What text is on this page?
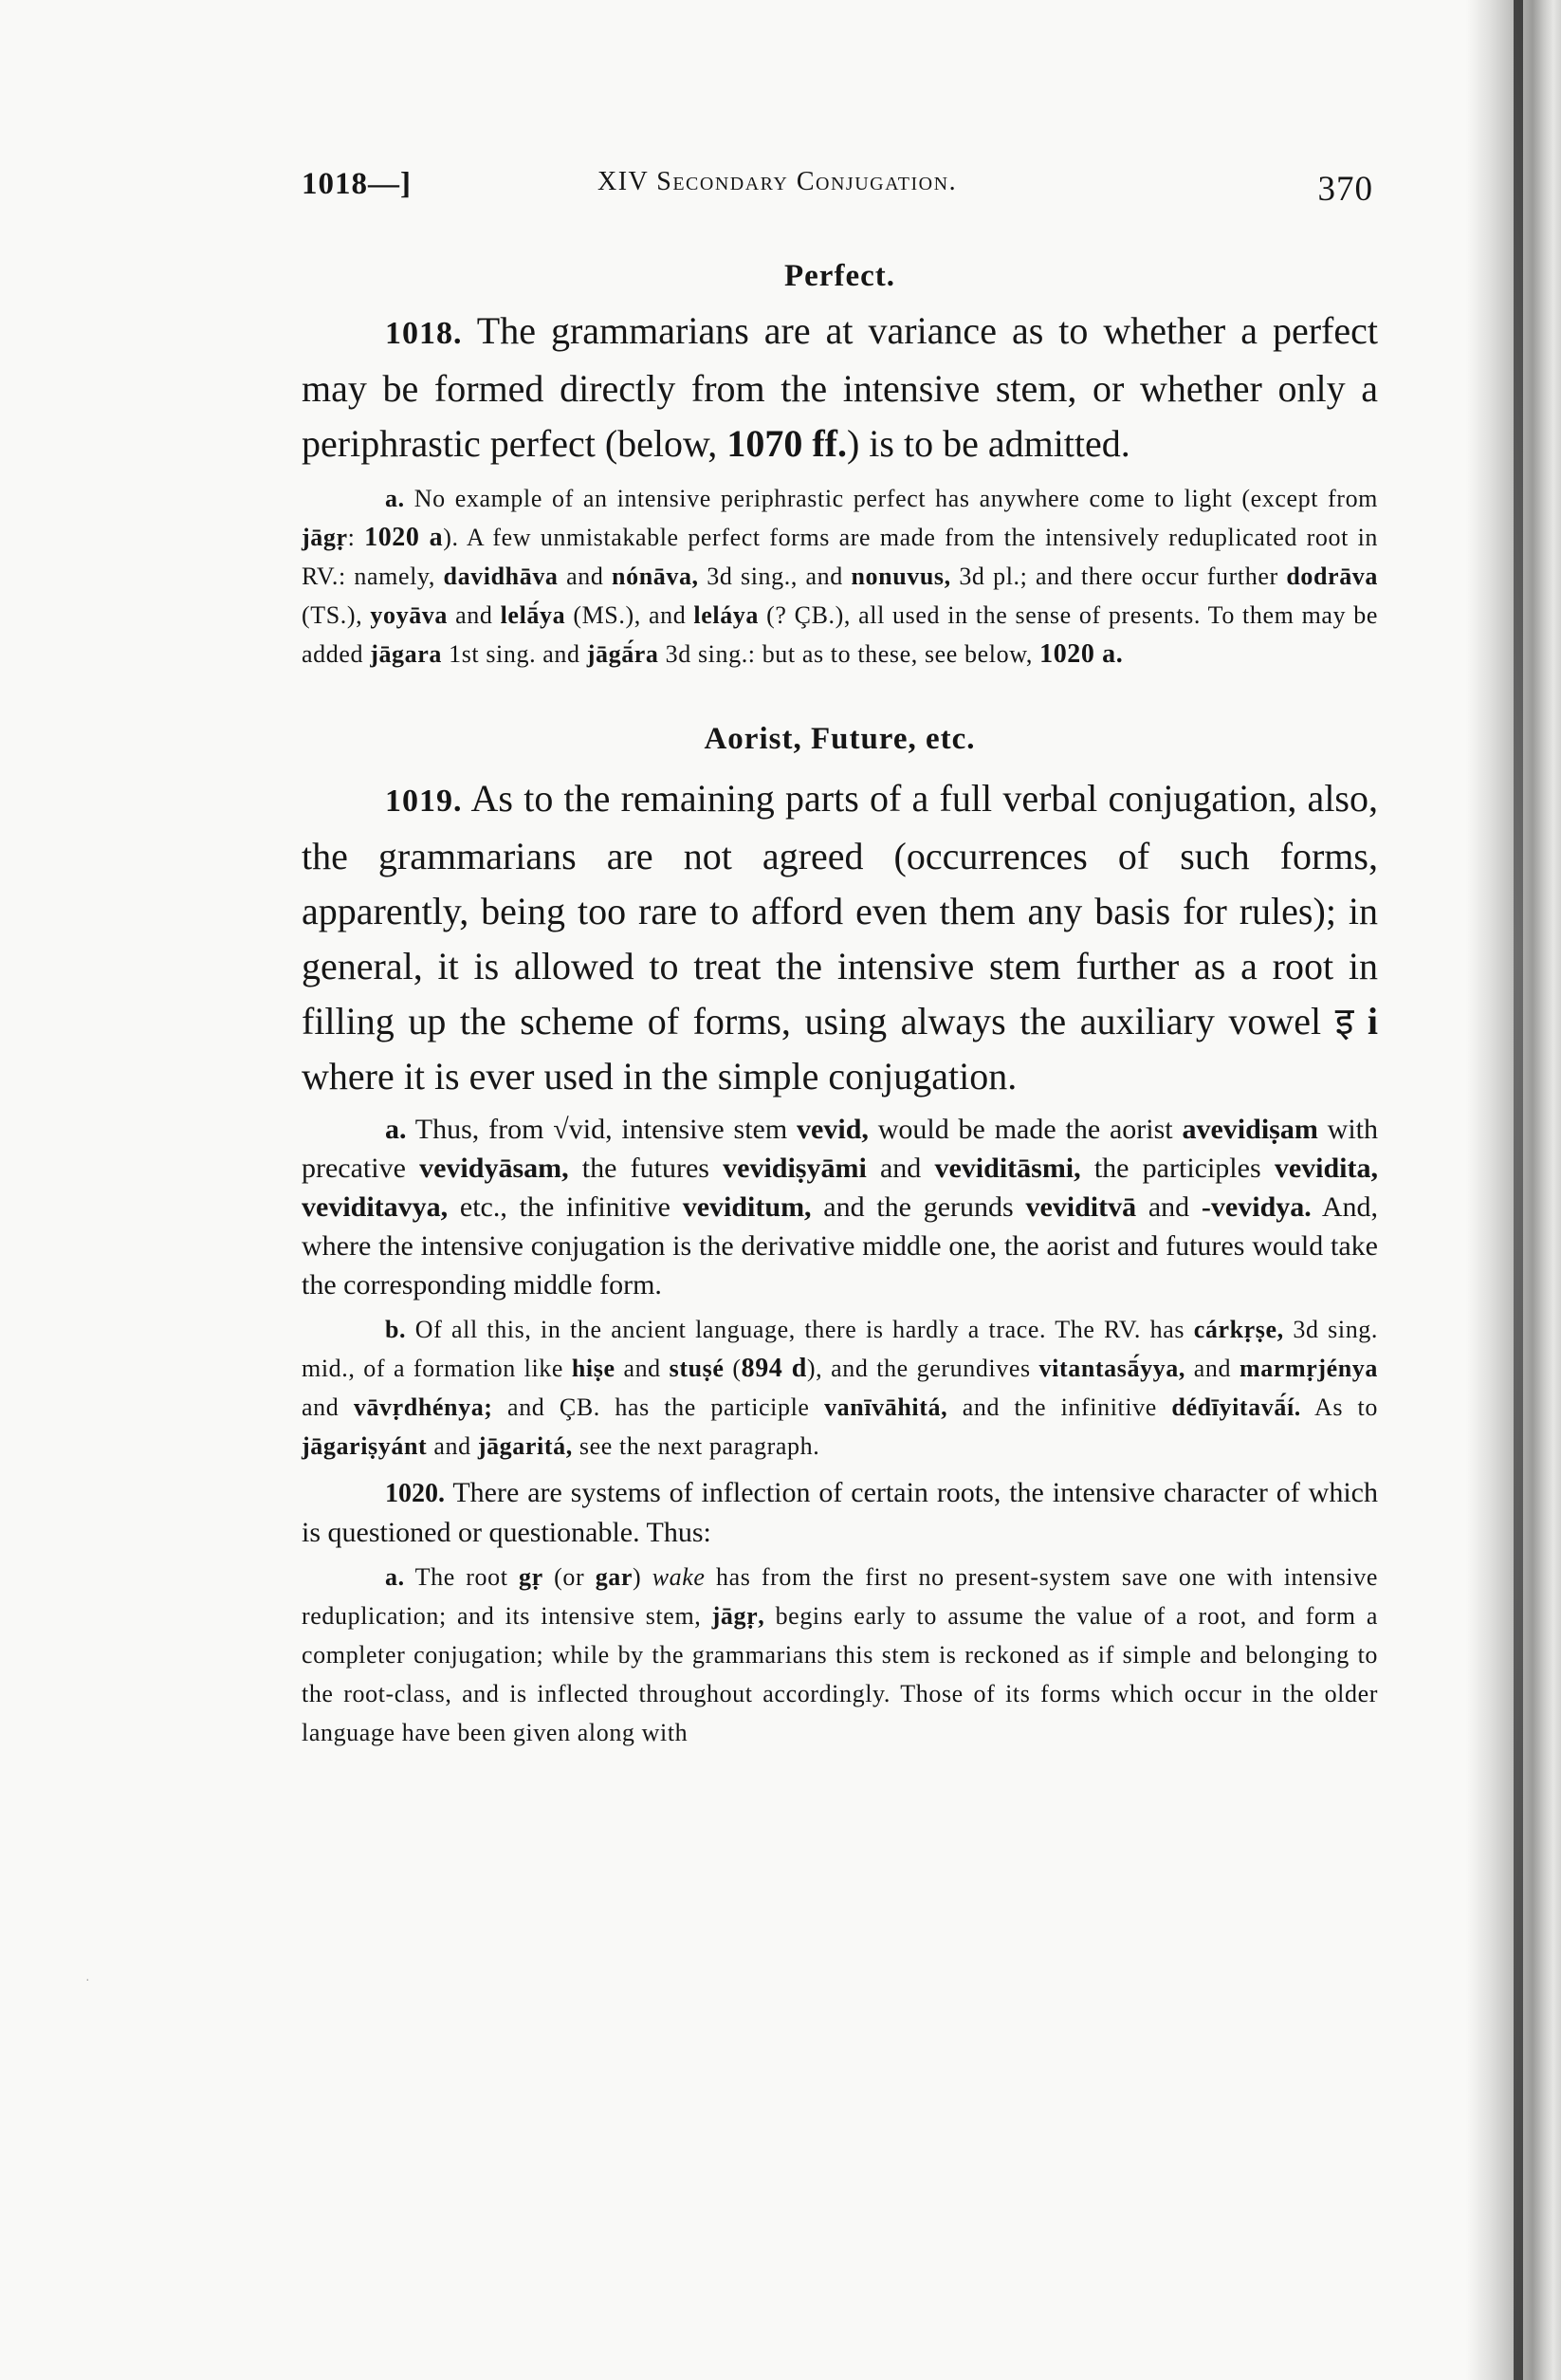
·
1018—]	XIV Secondary Conjugation.	370
Perfect.

1018. The grammarians are at variance as to whether a perfect may be formed directly from the intensive stem, or whether only a periphrastic perfect (below, 1070 ff.) is to be admitted.

a. No example of an intensive periphrastic perfect has anywhere come to light (except from jāgṛ: 1020 a). A few unmistakable perfect forms are made from the intensively reduplicated root in RV.: namely, davidhāva and nónāva, 3d sing., and nonuvus, 3d pl.; and there occur further dodrāva (TS.), yoyāva and lelā́ya (MS.), and leláya (? ÇB.), all used in the sense of presents. To them may be added jāgara 1st sing. and jāgā́ra 3d sing.: but as to these, see below, 1020 a.

Aorist, Future, etc.

1019. As to the remaining parts of a full verbal conjugation, also, the grammarians are not agreed (occurrences of such forms, apparently, being too rare to afford even them any basis for rules); in general, it is allowed to treat the intensive stem further as a root in filling up the scheme of forms, using always the auxiliary vowel इ i where it is ever used in the simple conjugation.

a. Thus, from √vid, intensive stem vevid, would be made the aorist avevidiṣam with precative vevidyāsam, the futures vevidiṣyāmi and veviditāsmi, the participles vevidita, veviditavya, etc., the infinitive veviditum, and the gerunds veviditvā and -vevidya. And, where the intensive conjugation is the derivative middle one, the aorist and futures would take the corresponding middle form.

b. Of all this, in the ancient language, there is hardly a trace. The RV. has cárkṛṣe, 3d sing. mid., of a formation like hiṣe and stuṣé (894 d), and the gerundives vitantasā́yya, and marmṛjénya and vāvṛdhénya; and ÇB. has the participle vanīvāhitá, and the infinitive dédīyitavā́í. As to jāgariṣyánt and jāgaritá, see the next paragraph.

1020. There are systems of inflection of certain roots, the intensive character of which is questioned or questionable. Thus:

a. The root gṛ (or gar) wake has from the first no present-system save one with intensive reduplication; and its intensive stem, jāgṛ, begins early to assume the value of a root, and form a completer conjugation; while by the grammarians this stem is reckoned as if simple and belonging to the root-class, and is inflected throughout accordingly. Those of its forms which occur in the older language have been given along with
